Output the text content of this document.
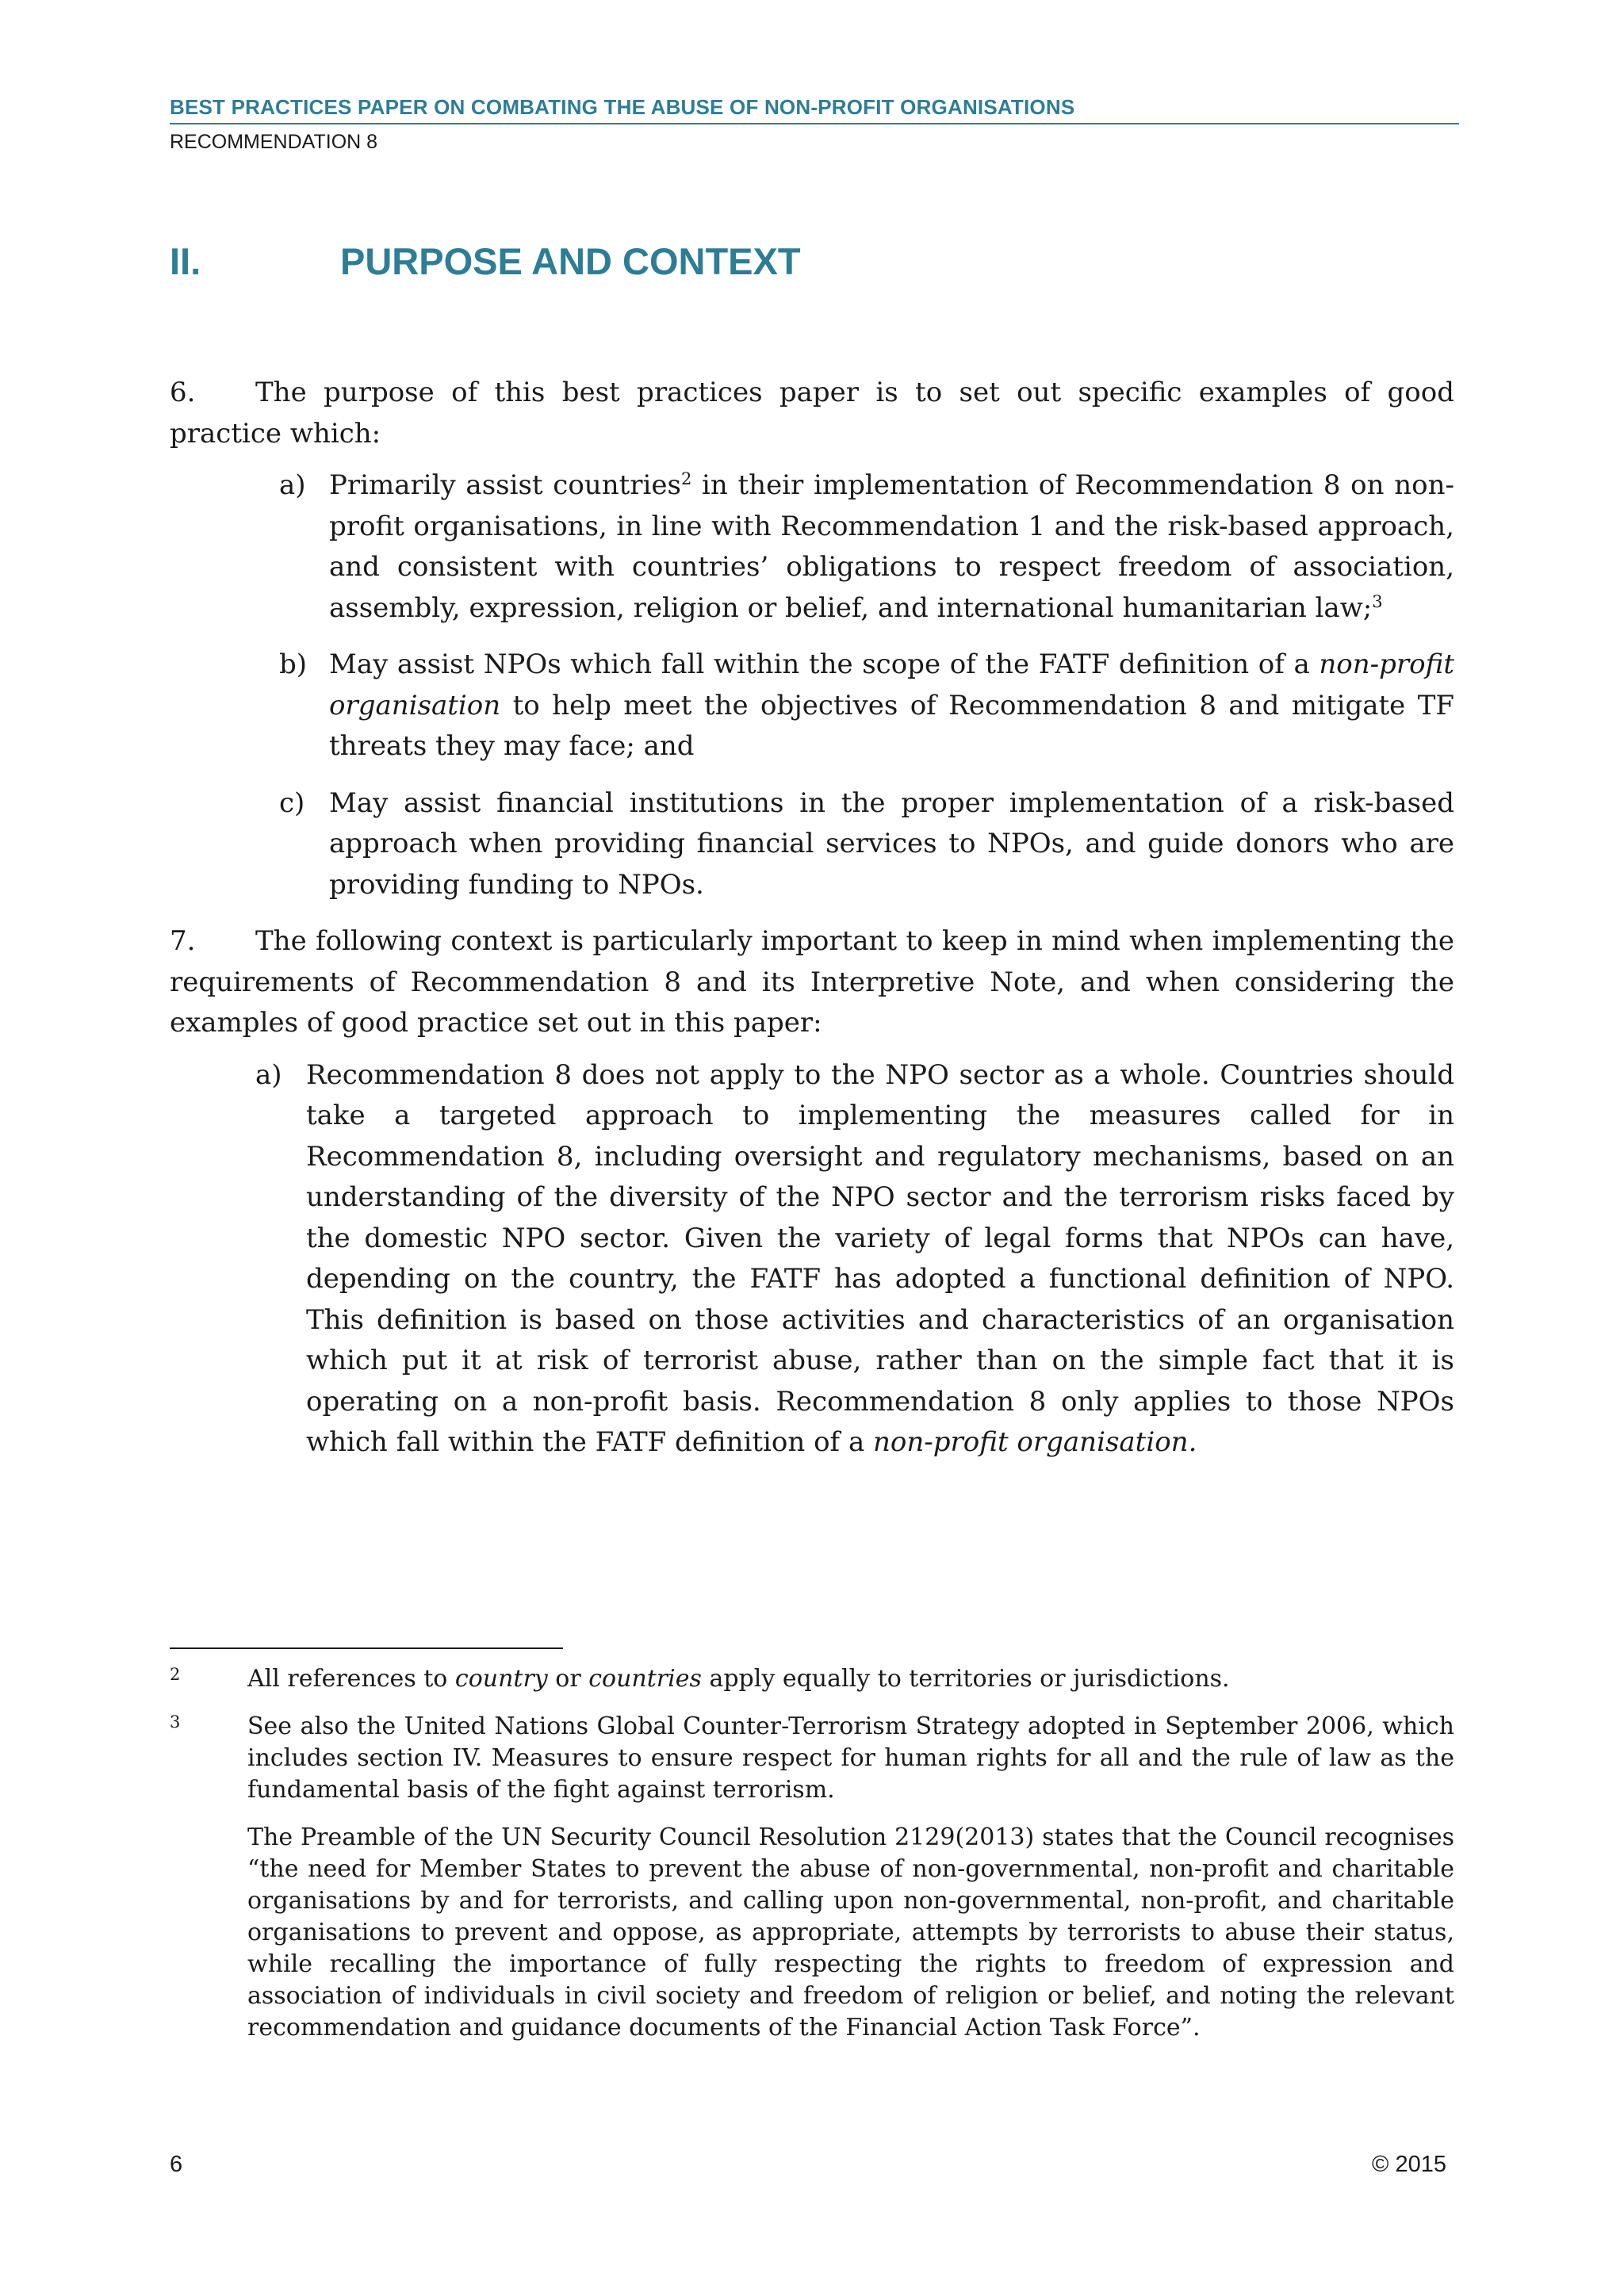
BEST PRACTICES PAPER ON COMBATING THE ABUSE OF NON-PROFIT ORGANISATIONS
RECOMMENDATION 8
II.	PURPOSE AND CONTEXT

6. The purpose of this best practices paper is to set out specific examples of good practice which:

a) Primarily assist countries$^2$ in their implementation of Recommendation 8 on non-profit organisations, in line with Recommendation 1 and the risk-based approach, and consistent with countries’ obligations to respect freedom of association, assembly, expression, religion or belief, and international humanitarian law;$^3$
b) May assist NPOs which fall within the scope of the FATF definition of a non-profit organisation to help meet the objectives of Recommendation 8 and mitigate TF threats they may face; and
c) May assist financial institutions in the proper implementation of a risk-based approach when providing financial services to NPOs, and guide donors who are providing funding to NPOs.

7. The following context is particularly important to keep in mind when implementing the requirements of Recommendation 8 and its Interpretive Note, and when considering the examples of good practice set out in this paper:

a) Recommendation 8 does not apply to the NPO sector as a whole. Countries should take a targeted approach to implementing the measures called for in Recommendation 8, including oversight and regulatory mechanisms, based on an understanding of the diversity of the NPO sector and the terrorism risks faced by the domestic NPO sector. Given the variety of legal forms that NPOs can have, depending on the country, the FATF has adopted a functional definition of NPO. This definition is based on those activities and characteristics of an organisation which put it at risk of terrorist abuse, rather than on the simple fact that it is operating on a non-profit basis. Recommendation 8 only applies to those NPOs which fall within the FATF definition of a non-profit organisation.
2	All references to country or countries apply equally to territories or jurisdictions.

3	See also the United Nations Global Counter-Terrorism Strategy adopted in September 2006, which includes section IV. Measures to ensure respect for human rights for all and the rule of law as the fundamental basis of the fight against terrorism.

The Preamble of the UN Security Council Resolution 2129(2013) states that the Council recognises “the need for Member States to prevent the abuse of non-governmental, non-profit and charitable organisations by and for terrorists, and calling upon non-governmental, non-profit, and charitable organisations to prevent and oppose, as appropriate, attempts by terrorists to abuse their status, while recalling the importance of fully respecting the rights to freedom of expression and association of individuals in civil society and freedom of religion or belief, and noting the relevant recommendation and guidance documents of the Financial Action Task Force”.

6	© 2015
